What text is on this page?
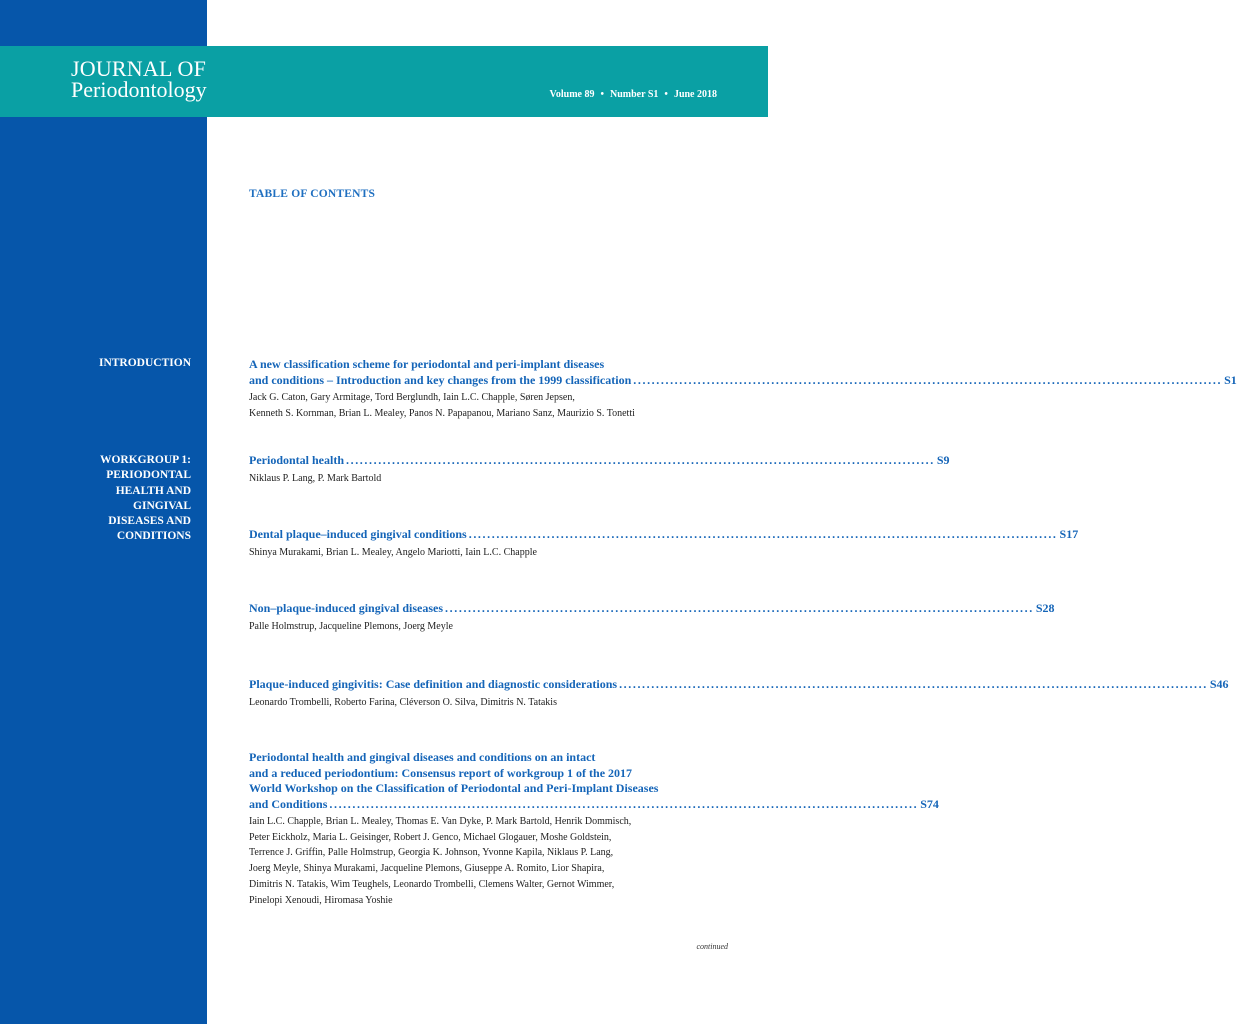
JOURNAL OF
Periodontology	Volume 89 • Number S1 • June 2018
TABLE OF CONTENTS
INTRODUCTION
WORKGROUP 1:
PERIODONTAL
HEALTH AND
GINGIVAL
DISEASES AND
CONDITIONS
A new classification scheme for periodontal and peri-implant diseases
and conditions – Introduction and key changes from the 1999 classification ................................................................................................................................ S1
Jack G. Caton, Gary Armitage, Tord Berglundh, Iain L.C. Chapple, Søren Jepsen,
Kenneth S. Kornman, Brian L. Mealey, Panos N. Papapanou, Mariano Sanz, Maurizio S. Tonetti
Periodontal health ................................................................................................................................ S9
Niklaus P. Lang, P. Mark Bartold
Dental plaque–induced gingival conditions ................................................................................................................................ S17
Shinya Murakami, Brian L. Mealey, Angelo Mariotti, Iain L.C. Chapple
Non–plaque-induced gingival diseases ................................................................................................................................ S28
Palle Holmstrup, Jacqueline Plemons, Joerg Meyle
Plaque-induced gingivitis: Case definition and diagnostic considerations ................................................................................................................................ S46
Leonardo Trombelli, Roberto Farina, Cléverson O. Silva, Dimitris N. Tatakis
Periodontal health and gingival diseases and conditions on an intact
and a reduced periodontium: Consensus report of workgroup 1 of the 2017
World Workshop on the Classification of Periodontal and Peri-Implant Diseases
and Conditions ................................................................................................................................ S74
Iain L.C. Chapple, Brian L. Mealey, Thomas E. Van Dyke, P. Mark Bartold, Henrik Dommisch,
Peter Eickholz, Maria L. Geisinger, Robert J. Genco, Michael Glogauer, Moshe Goldstein,
Terrence J. Griffin, Palle Holmstrup, Georgia K. Johnson, Yvonne Kapila, Niklaus P. Lang,
Joerg Meyle, Shinya Murakami, Jacqueline Plemons, Giuseppe A. Romito, Lior Shapira,
Dimitris N. Tatakis, Wim Teughels, Leonardo Trombelli, Clemens Walter, Gernot Wimmer,
Pinelopi Xenoudi, Hiromasa Yoshie
continued
